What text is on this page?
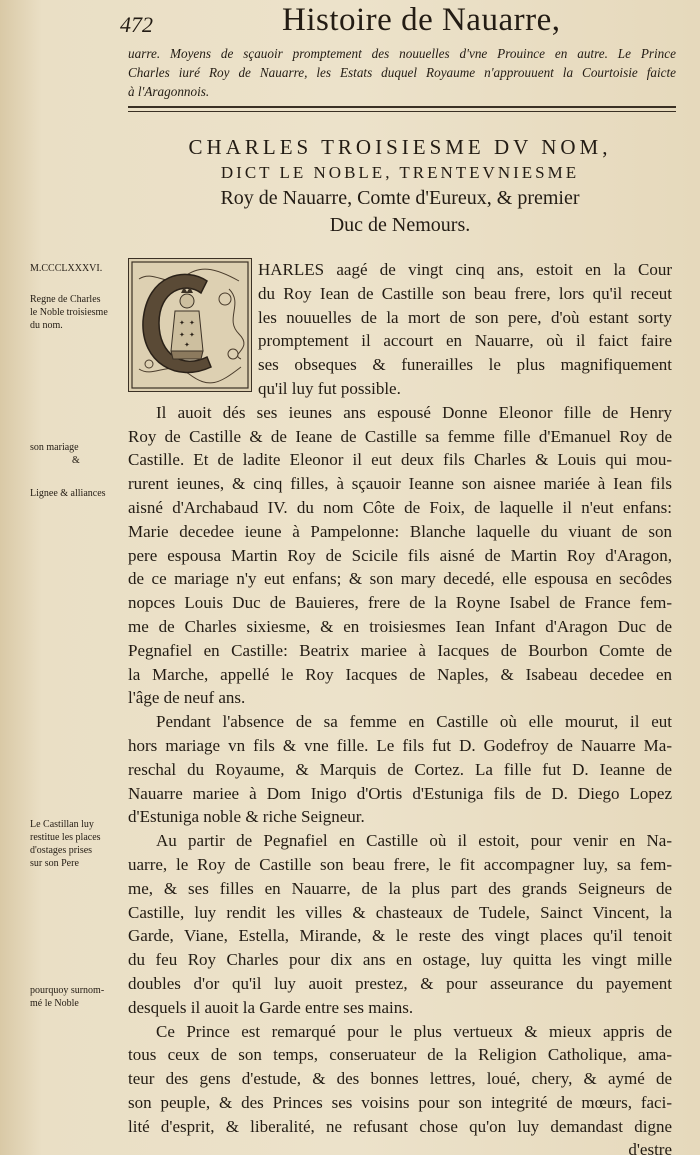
472	Histoire de Nauarre,
uarre. Moyens de sçauoir promptement des nouuelles d'vne Prouince en autre. Le Prince
Charles iuré Roy de Nauarre, les Estats duquel Royaume n'approuuent la Courtoisie faicte
à l'Aragonnois.
CHARLES TROISIESME DV NOM,
DICT LE NOBLE, TRENTEVNIESME
Roy de Nauarre, Comte d'Eureux, & premier
Duc de Nemours.
M.CCCLXXXVI.
Regne de Charles
le Noble troisiesme
du nom.
son mariage
&
Lignee & alliances
Le Castillan luy
restitue les places
d'ostages prises
sur son Pere
pourquoy surnom-
mé le Noble
✦ ✦
✦ ✦
✦
HARLES aagé de vingt cinq ans, estoit en la Cour
du Roy Iean de Castille son beau frere, lors qu'il receut
les nouuelles de la mort de son pere, d'où estant sorty
promptement il accourt en Nauarre, où il faict faire
ses obseques & funerailles le plus magnifiquement
qu'il luy fut possible.
Il auoit dés ses ieunes ans espousé Donne Eleonor fille de Henry
Roy de Castille & de Ieane de Castille sa femme fille d'Emanuel Roy de
Castille. Et de ladite Eleonor il eut deux fils Charles & Louis qui mou-
rurent ieunes, & cinq filles, à sçauoir Ieanne son aisnee mariée à Iean fils
aisné d'Archabaud IV. du nom Côte de Foix, de laquelle il n'eut enfans:
Marie decedee ieune à Pampelonne: Blanche laquelle du viuant de son
pere espousa Martin Roy de Scicile fils aisné de Martin Roy d'Aragon,
de ce mariage n'y eut enfans; & son mary decedé, elle espousa en secôdes
nopces Louis Duc de Bauieres, frere de la Royne Isabel de France fem-
me de Charles sixiesme, & en troisiesmes Iean Infant d'Aragon Duc de
Pegnafiel en Castille: Beatrix mariee à Iacques de Bourbon Comte de
la Marche, appellé le Roy Iacques de Naples, & Isabeau decedee en
l'âge de neuf ans.
Pendant l'absence de sa femme en Castille où elle mourut, il eut
hors mariage vn fils & vne fille. Le fils fut D. Godefroy de Nauarre Ma-
reschal du Royaume, & Marquis de Cortez. La fille fut D. Ieanne de
Nauarre mariee à Dom Inigo d'Ortis d'Estuniga fils de D. Diego Lopez
d'Estuniga noble & riche Seigneur.
Au partir de Pegnafiel en Castille où il estoit, pour venir en Na-
uarre, le Roy de Castille son beau frere, le fit accompagner luy, sa fem-
me, & ses filles en Nauarre, de la plus part des grands Seigneurs de
Castille, luy rendit les villes & chasteaux de Tudele, Sainct Vincent, la
Garde, Viane, Estella, Mirande, & le reste des vingt places qu'il tenoit
du feu Roy Charles pour dix ans en ostage, luy quitta les vingt mille
doubles d'or qu'il luy auoit prestez, & pour asseurance du payement
desquels il auoit la Garde entre ses mains.
Ce Prince est remarqué pour le plus vertueux & mieux appris de
tous ceux de son temps, conseruateur de la Religion Catholique, ama-
teur des gens d'estude, & des bonnes lettres, loué, chery, & aymé de
son peuple, & des Princes ses voisins pour son integrité de mœurs, faci-
lité d'esprit, & liberalité, ne refusant chose qu'on luy demandast digne
d'estre
